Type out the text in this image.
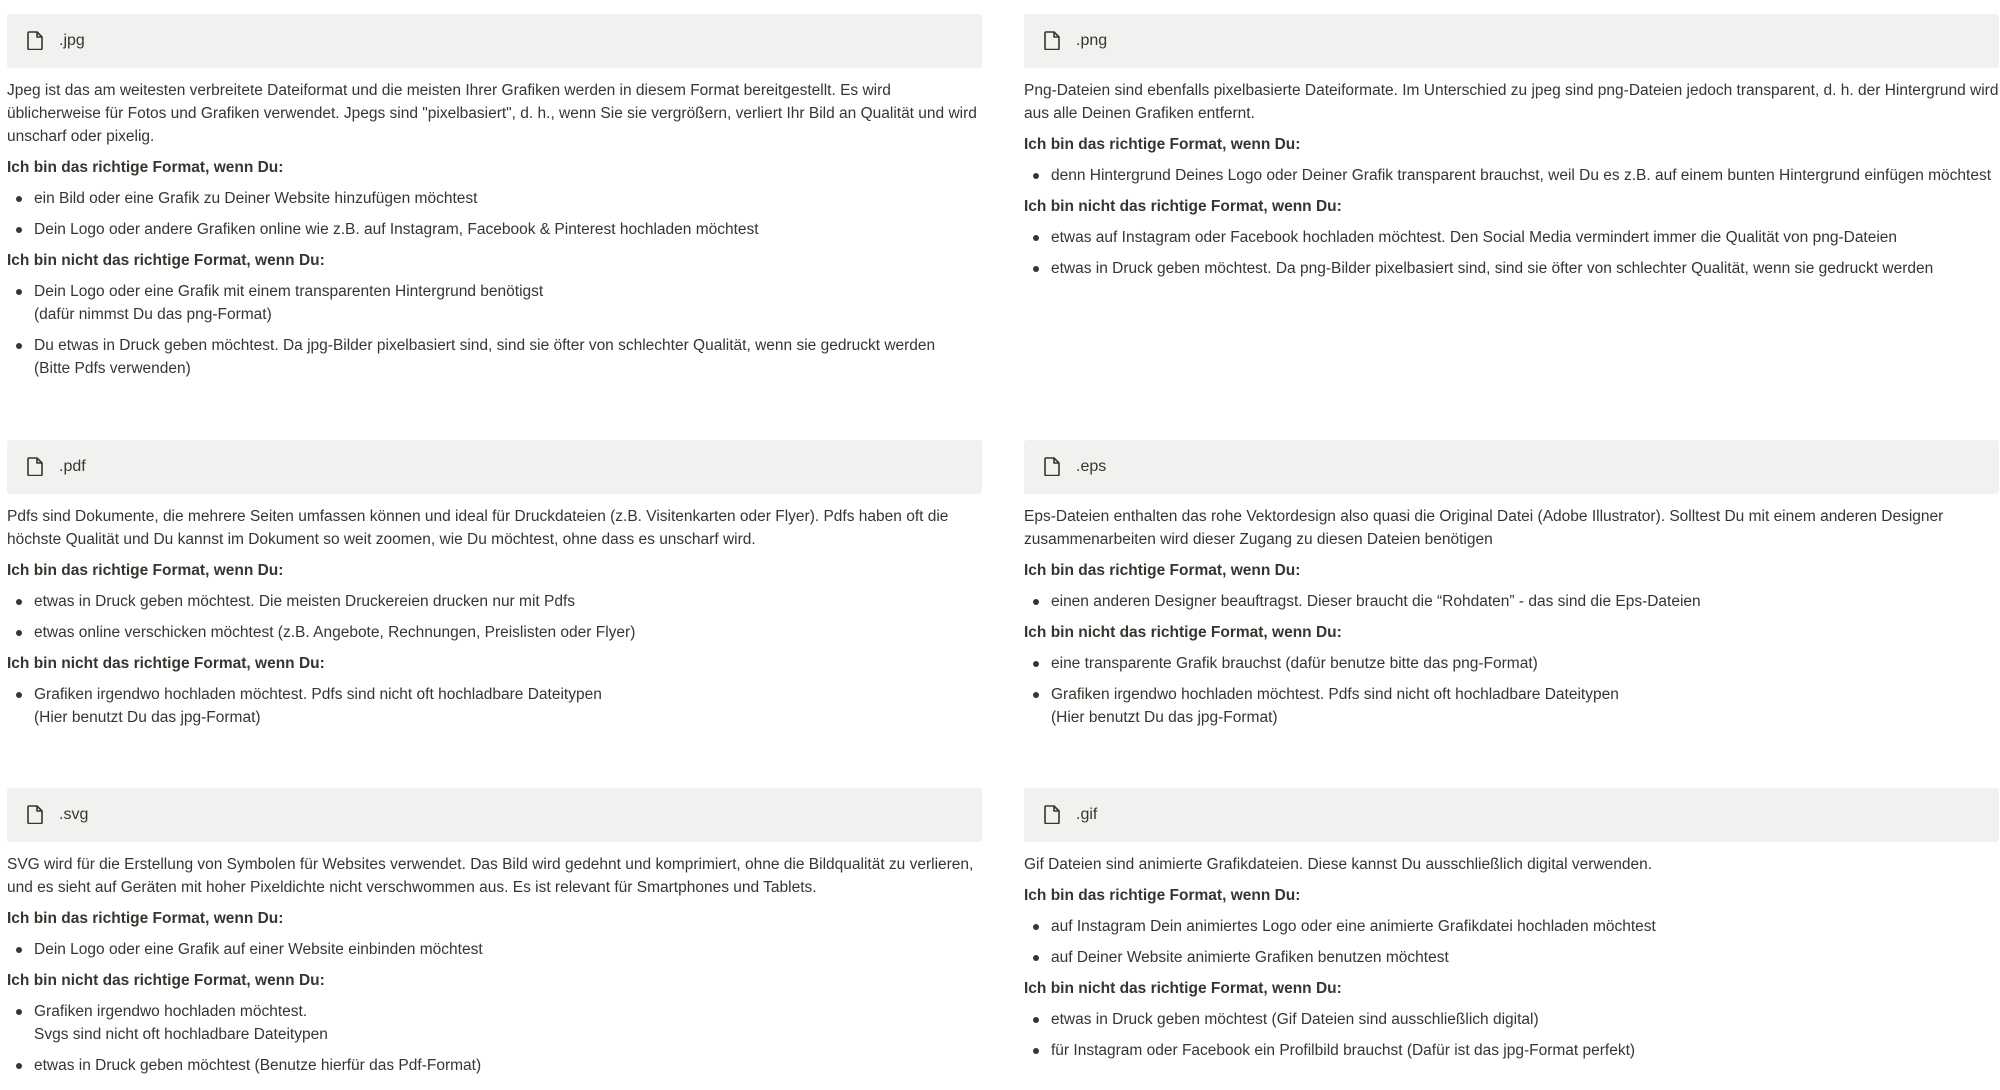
.jpg

Jpeg ist das am weitesten verbreitete Dateiformat und die meisten Ihrer Grafiken werden in diesem Format bereitgestellt. Es wird üblicherweise für Fotos und Grafiken verwendet. Jpegs sind "pixelbasiert", d. h., wenn Sie sie vergrößern, verliert Ihr Bild an Qualität und wird unscharf oder pixelig.

Ich bin das richtige Format, wenn Du:

ein Bild oder eine Grafik zu Deiner Website hinzufügen möchtest
Dein Logo oder andere Grafiken online wie z.B. auf Instagram, Facebook & Pinterest hochladen möchtest

Ich bin nicht das richtige Format, wenn Du:

Dein Logo oder eine Grafik mit einem transparenten Hintergrund benötigst
(dafür nimmst Du das png-Format)
Du etwas in Druck geben möchtest. Da jpg-Bilder pixelbasiert sind, sind sie öfter von schlechter Qualität, wenn sie gedruckt werden
(Bitte Pdfs verwenden)
.png

Png-Dateien sind ebenfalls pixelbasierte Dateiformate. Im Unterschied zu jpeg sind png-Dateien jedoch transparent, d. h. der Hintergrund wird aus alle Deinen Grafiken entfernt.

Ich bin das richtige Format, wenn Du:

denn Hintergrund Deines Logo oder Deiner Grafik transparent brauchst, weil Du es z.B. auf einem bunten Hintergrund einfügen möchtest

Ich bin nicht das richtige Format, wenn Du:

etwas auf Instagram oder Facebook hochladen möchtest. Den Social Media vermindert immer die Qualität von png-Dateien
etwas in Druck geben möchtest. Da png-Bilder pixelbasiert sind, sind sie öfter von schlechter Qualität, wenn sie gedruckt werden
.pdf

Pdfs sind Dokumente, die mehrere Seiten umfassen können und ideal für Druckdateien (z.B. Visitenkarten oder Flyer). Pdfs haben oft die höchste Qualität und Du kannst im Dokument so weit zoomen, wie Du möchtest, ohne dass es unscharf wird.

Ich bin das richtige Format, wenn Du:

etwas in Druck geben möchtest. Die meisten Druckereien drucken nur mit Pdfs
etwas online verschicken möchtest (z.B. Angebote, Rechnungen, Preislisten oder Flyer)

Ich bin nicht das richtige Format, wenn Du:

Grafiken irgendwo hochladen möchtest. Pdfs sind nicht oft hochladbare Dateitypen
(Hier benutzt Du das jpg-Format)
.eps

Eps-Dateien enthalten das rohe Vektordesign also quasi die Original Datei (Adobe Illustrator). Solltest Du mit einem anderen Designer zusammenarbeiten wird dieser Zugang zu diesen Dateien benötigen

Ich bin das richtige Format, wenn Du:

einen anderen Designer beauftragst. Dieser braucht die “Rohdaten” - das sind die Eps-Dateien

Ich bin nicht das richtige Format, wenn Du:

eine transparente Grafik brauchst (dafür benutze bitte das png-Format)
Grafiken irgendwo hochladen möchtest. Pdfs sind nicht oft hochladbare Dateitypen
(Hier benutzt Du das jpg-Format)
.svg

SVG wird für die Erstellung von Symbolen für Websites verwendet. Das Bild wird gedehnt und komprimiert, ohne die Bildqualität zu verlieren, und es sieht auf Geräten mit hoher Pixeldichte nicht verschwommen aus. Es ist relevant für Smartphones und Tablets.

Ich bin das richtige Format, wenn Du:

Dein Logo oder eine Grafik auf einer Website einbinden möchtest

Ich bin nicht das richtige Format, wenn Du:

Grafiken irgendwo hochladen möchtest.
Svgs sind nicht oft hochladbare Dateitypen
etwas in Druck geben möchtest (Benutze hierfür das Pdf-Format)
.gif

Gif Dateien sind animierte Grafikdateien. Diese kannst Du ausschließlich digital verwenden.

Ich bin das richtige Format, wenn Du:

auf Instagram Dein animiertes Logo oder eine animierte Grafikdatei hochladen möchtest
auf Deiner Website animierte Grafiken benutzen möchtest

Ich bin nicht das richtige Format, wenn Du:

etwas in Druck geben möchtest (Gif Dateien sind ausschließlich digital)
für Instagram oder Facebook ein Profilbild brauchst (Dafür ist das jpg-Format perfekt)
